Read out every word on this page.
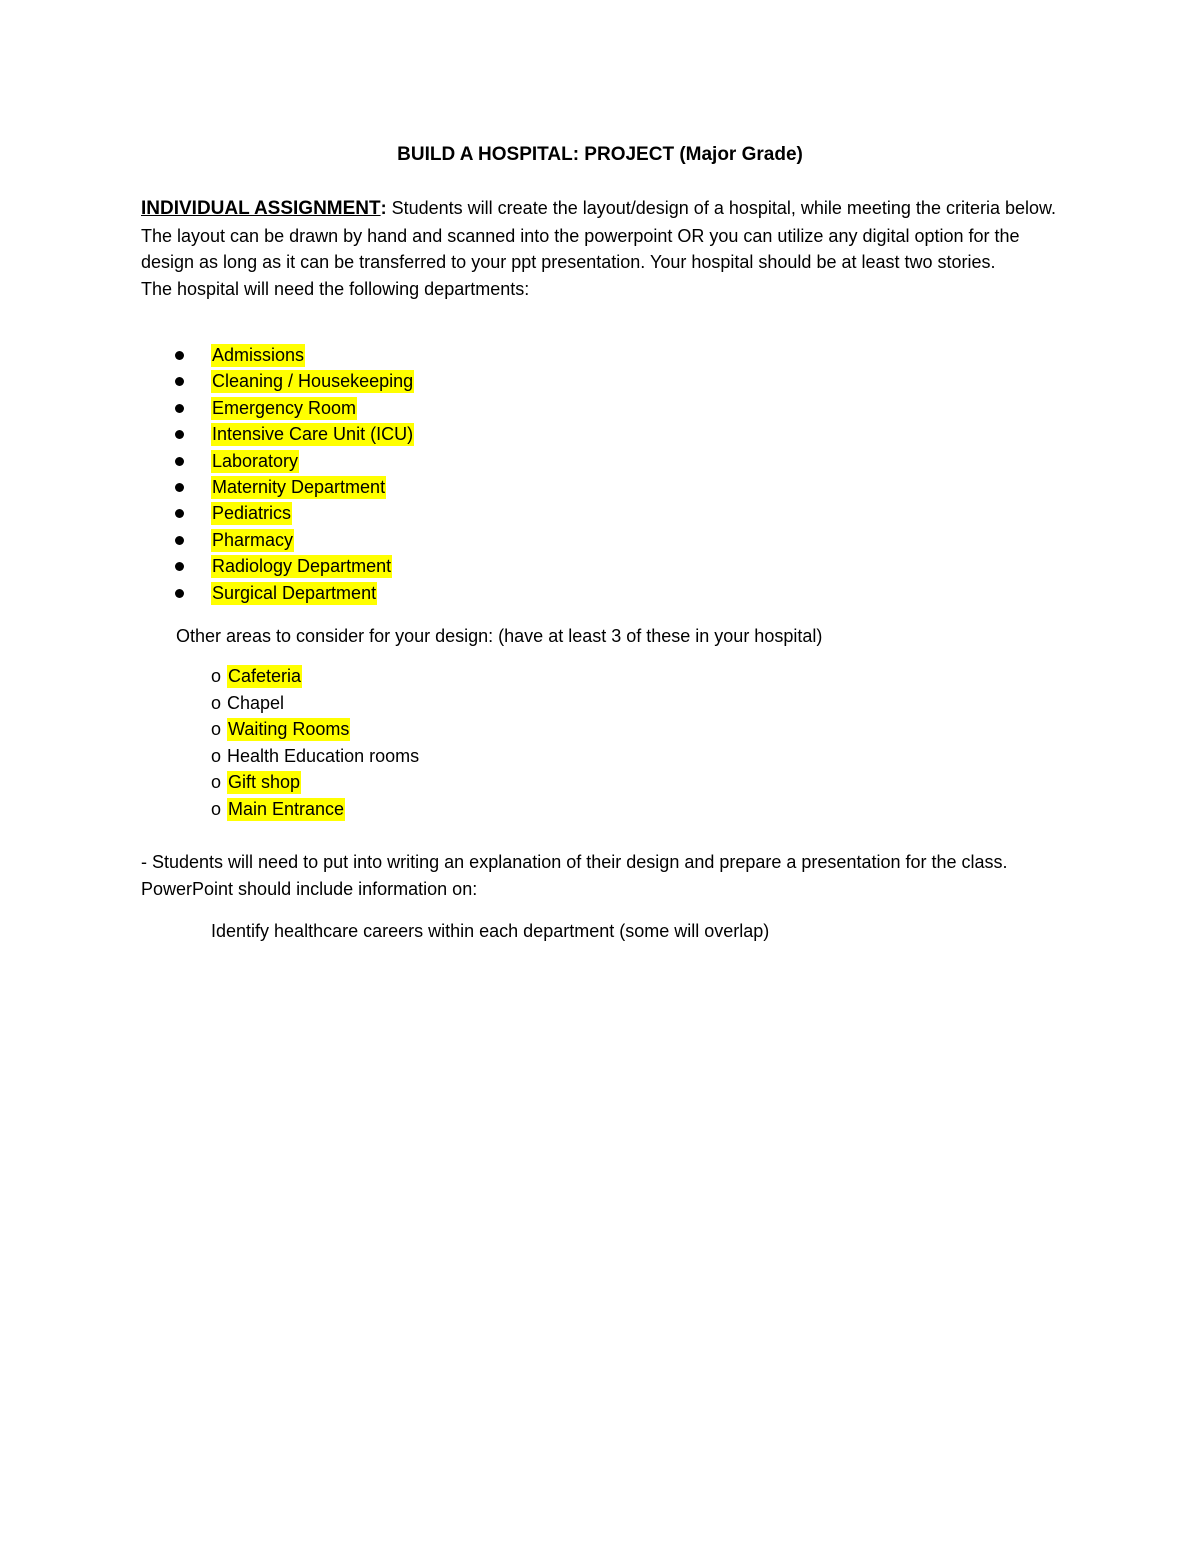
BUILD A HOSPITAL: PROJECT (Major Grade)
INDIVIDUAL ASSIGNMENT: Students will create the layout/design of a hospital, while meeting the criteria below. The layout can be drawn by hand and scanned into the powerpoint OR you can utilize any digital option for the design as long as it can be transferred to your ppt presentation. Your hospital should be at least two stories.
The hospital will need the following departments:
Admissions
Cleaning / Housekeeping
Emergency Room
Intensive Care Unit (ICU)
Laboratory
Maternity Department
Pediatrics
Pharmacy
Radiology Department
Surgical Department
Other areas to consider for your design: (have at least 3 of these in your hospital)
o Cafeteria
o Chapel
o Waiting Rooms
o Health Education rooms
o Gift shop
o Main Entrance
- Students will need to put into writing an explanation of their design and prepare a presentation for the class. PowerPoint should include information on:
Identify healthcare careers within each department (some will overlap)
